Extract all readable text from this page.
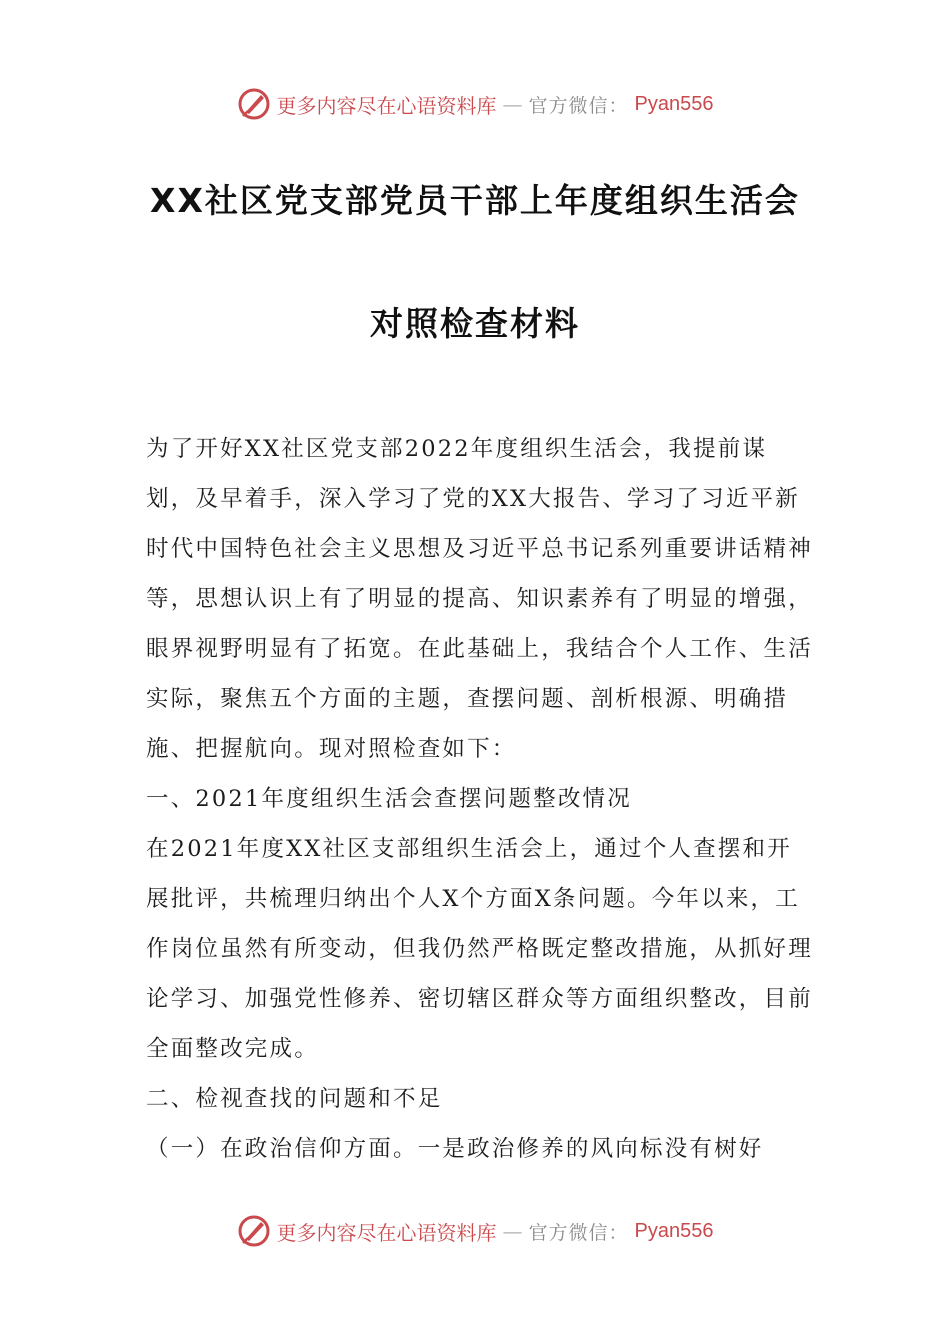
更多内容尽在心语资料库 — 官方微信： Pyan556
XX社区党支部党员干部上年度组织生活会
对照检查材料

为了开好XX社区党支部2022年度组织生活会，我提前谋划，及早着手，深入学习了党的XX大报告、学习了习近平新时代中国特色社会主义思想及习近平总书记系列重要讲话精神等，思想认识上有了明显的提高、知识素养有了明显的增强，眼界视野明显有了拓宽。在此基础上，我结合个人工作、生活实际，聚焦五个方面的主题，查摆问题、剖析根源、明确措施、把握航向。现对照检查如下：

一、2021年度组织生活会查摆问题整改情况

在2021年度XX社区支部组织生活会上，通过个人查摆和开展批评，共梳理归纳出个人X个方面X条问题。今年以来，工作岗位虽然有所变动，但我仍然严格既定整改措施，从抓好理论学习、加强党性修养、密切辖区群众等方面组织整改，目前全面整改完成。

二、检视查找的问题和不足

（一）在政治信仰方面。一是政治修养的风向标没有树好

更多内容尽在心语资料库 — 官方微信： Pyan556
